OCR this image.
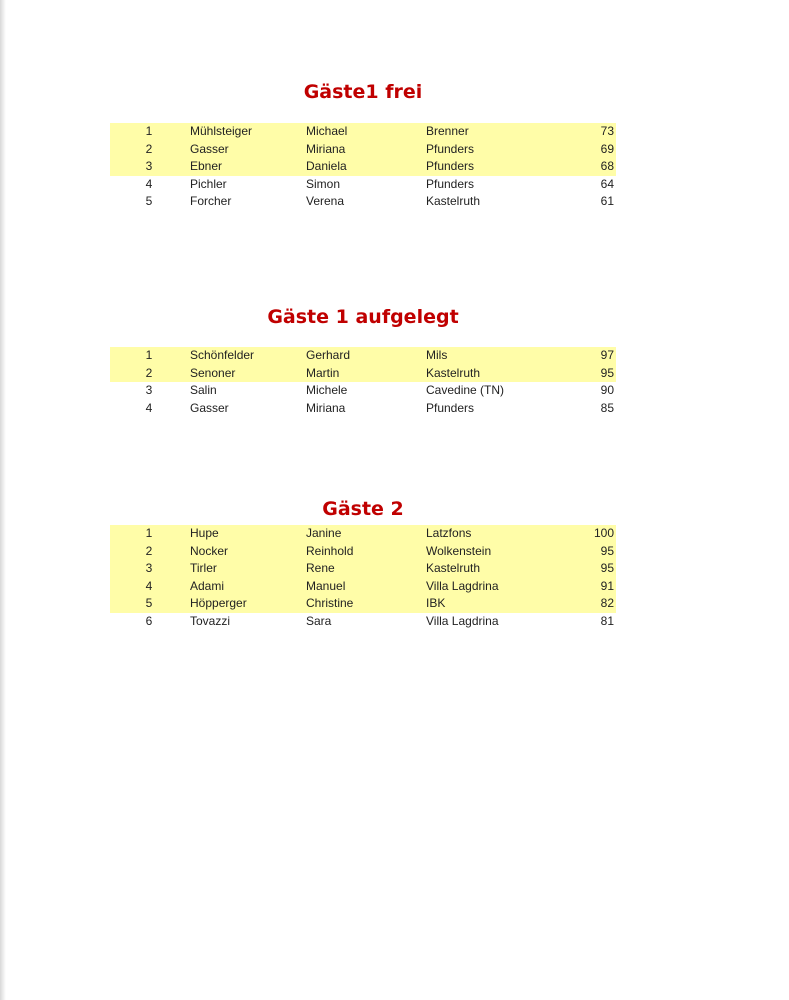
Gäste1 frei
1	Mühlsteiger	Michael	Brenner	73
2	Gasser	Miriana	Pfunders	69
3	Ebner	Daniela	Pfunders	68
4	Pichler	Simon	Pfunders	64
5	Forcher	Verena	Kastelruth	61
Gäste 1 aufgelegt
1	Schönfelder	Gerhard	Mils	97
2	Senoner	Martin	Kastelruth	95
3	Salin	Michele	Cavedine (TN)	90
4	Gasser	Miriana	Pfunders	85
Gäste 2
1	Hupe	Janine	Latzfons	100
2	Nocker	Reinhold	Wolkenstein	95
3	Tirler	Rene	Kastelruth	95
4	Adami	Manuel	Villa Lagdrina	91
5	Höpperger	Christine	IBK	82
6	Tovazzi	Sara	Villa Lagdrina	81
